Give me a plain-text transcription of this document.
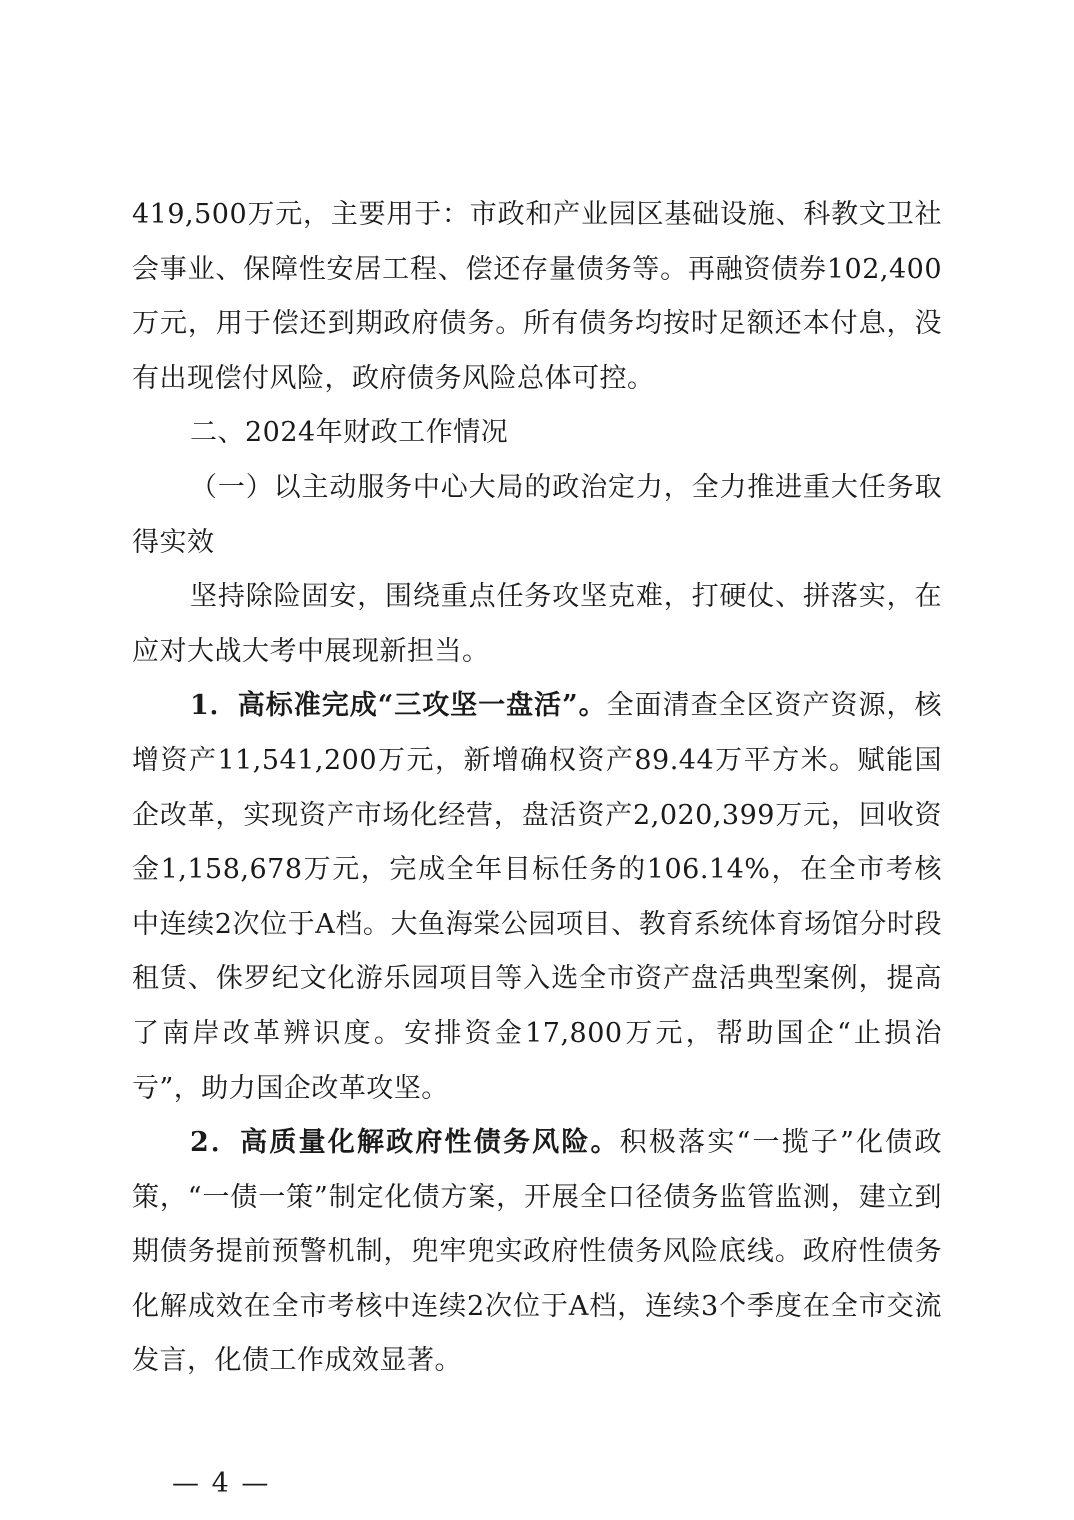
419,500万元，主要用于：市政和产业园区基础设施、科教文卫社会事业、保障性安居工程、偿还存量债务等。再融资债券102,400万元，用于偿还到期政府债务。所有债务均按时足额还本付息，没有出现偿付风险，政府债务风险总体可控。

二、2024年财政工作情况

（一）以主动服务中心大局的政治定力，全力推进重大任务取得实效

坚持除险固安，围绕重点任务攻坚克难，打硬仗、拼落实，在应对大战大考中展现新担当。

1．高标准完成“三攻坚一盘活”。全面清查全区资产资源，核增资产11,541,200万元，新增确权资产89.44万平方米。赋能国企改革，实现资产市场化经营，盘活资产2,020,399万元，回收资金1,158,678万元，完成全年目标任务的106.14%，在全市考核中连续2次位于A档。大鱼海棠公园项目、教育系统体育场馆分时段租赁、侏罗纪文化游乐园项目等入选全市资产盘活典型案例，提高了南岸改革辨识度。安排资金17,800万元，帮助国企“止损治亏”，助力国企改革攻坚。

2．高质量化解政府性债务风险。积极落实“一揽子”化债政策，“一债一策”制定化债方案，开展全口径债务监管监测，建立到期债务提前预警机制，兜牢兜实政府性债务风险底线。政府性债务化解成效在全市考核中连续2次位于A档，连续3个季度在全市交流发言，化债工作成效显著。

— 4 —
